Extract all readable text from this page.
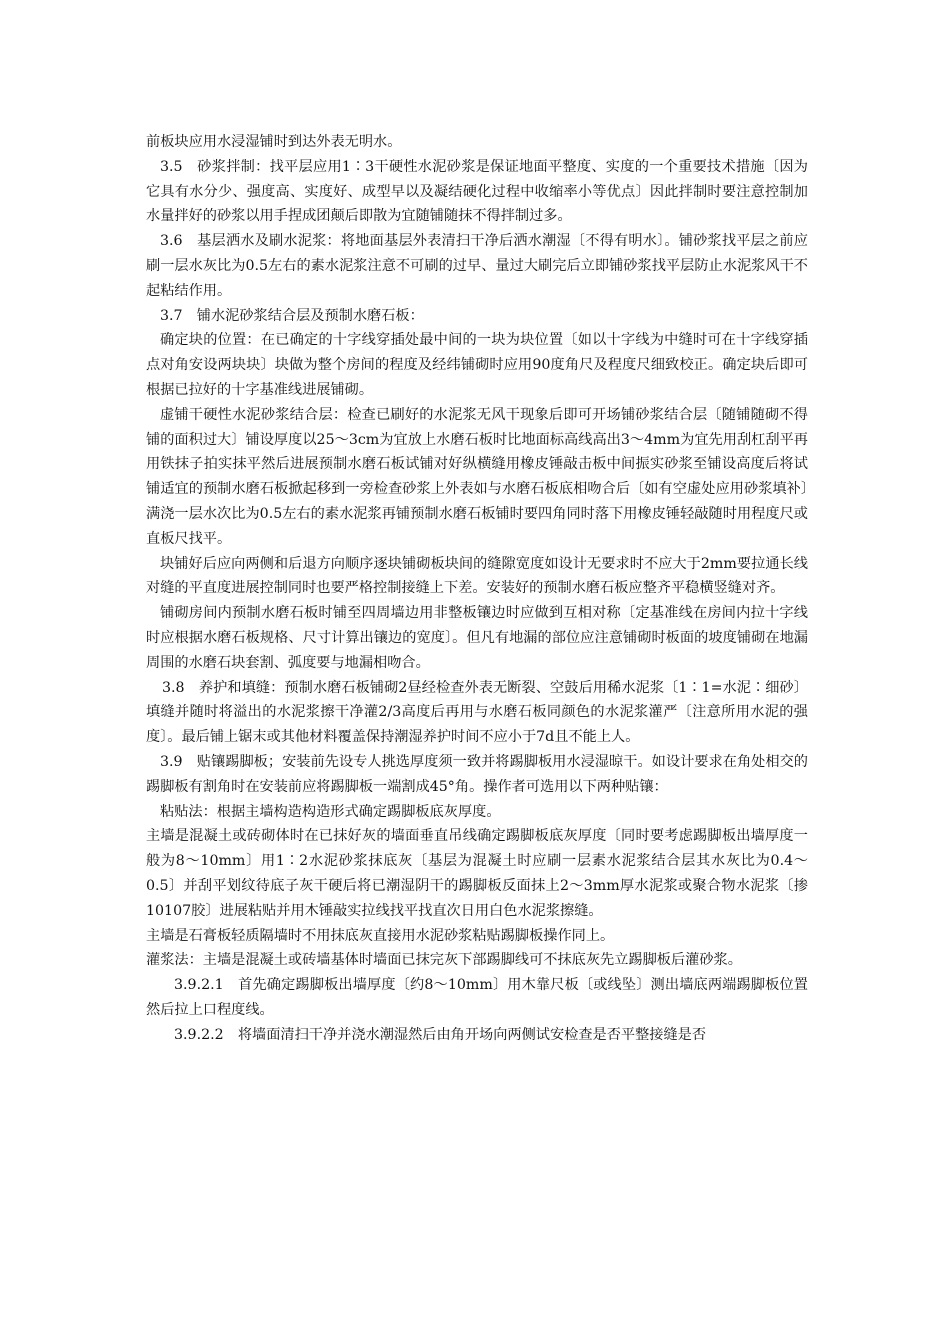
前板块应用水浸湿铺时到达外表无明水。

3.5　砂浆拌制：找平层应用1∶3干硬性水泥砂浆是保证地面平整度、实度的一个重要技术措施〔因为它具有水分少、强度高、实度好、成型早以及凝结硬化过程中收缩率小等优点〕因此拌制时要注意控制加水量拌好的砂浆以用手捏成团颠后即散为宜随铺随抹不得拌制过多。

3.6　基层洒水及刷水泥浆：将地面基层外表清扫干净后洒水潮湿〔不得有明水〕。铺砂浆找平层之前应刷一层水灰比为0.5左右的素水泥浆注意不可刷的过早、量过大刷完后立即铺砂浆找平层防止水泥浆风干不起粘结作用。

3.7　铺水泥砂浆结合层及预制水磨石板：

确定块的位置：在已确定的十字线穿插处最中间的一块为块位置〔如以十字线为中缝时可在十字线穿插点对角安设两块块〕块做为整个房间的程度及经纬铺砌时应用90度角尺及程度尺细致校正。确定块后即可根据已拉好的十字基准线进展铺砌。

虚铺干硬性水泥砂浆结合层：检查已刷好的水泥浆无风干现象后即可开场铺砂浆结合层〔随铺随砌不得铺的面积过大〕铺设厚度以25～3cm为宜放上水磨石板时比地面标高线高出3～4mm为宜先用刮杠刮平再用铁抹子拍实抹平然后进展预制水磨石板试铺对好纵横缝用橡皮锤敲击板中间振实砂浆至铺设高度后将试铺适宜的预制水磨石板掀起移到一旁检查砂浆上外表如与水磨石板底相吻合后〔如有空虚处应用砂浆填补〕满浇一层水次比为0.5左右的素水泥浆再铺预制水磨石板铺时要四角同时落下用橡皮锤轻敲随时用程度尺或直板尺找平。

块铺好后应向两侧和后退方向顺序逐块铺砌板块间的缝隙宽度如设计无要求时不应大于2mm要拉通长线对缝的平直度进展控制同时也要严格控制接缝上下差。安装好的预制水磨石板应整齐平稳横竖缝对齐。

铺砌房间内预制水磨石板时铺至四周墙边用非整板镶边时应做到互相对称〔定基准线在房间内拉十字线时应根据水磨石板规格、尺寸计算出镶边的宽度〕。但凡有地漏的部位应注意铺砌时板面的坡度铺砌在地漏周围的水磨石块套割、弧度要与地漏相吻合。

3.8　养护和填缝：预制水磨石板铺砌2昼经检查外表无断裂、空鼓后用稀水泥浆〔1∶1=水泥∶细砂〕填缝并随时将溢出的水泥浆擦干净灌2/3高度后再用与水磨石板同颜色的水泥浆灌严〔注意所用水泥的强度〕。最后铺上锯末或其他材料覆盖保持潮湿养护时间不应小于7d且不能上人。

3.9　贴镶踢脚板；安装前先设专人挑选厚度须一致并将踢脚板用水浸湿晾干。如设计要求在角处相交的踢脚板有割角时在安装前应将踢脚板一端割成45°角。操作者可选用以下两种贴镶：

粘贴法：根据主墙构造构造形式确定踢脚板底灰厚度。

主墙是混凝土或砖砌体时在已抹好灰的墙面垂直吊线确定踢脚板底灰厚度〔同时要考虑踢脚板出墙厚度一般为8～10mm〕用1∶2水泥砂浆抹底灰〔基层为混凝土时应刷一层素水泥浆结合层其水灰比为0.4～0.5〕并刮平划纹待底子灰干硬后将已潮湿阴干的踢脚板反面抹上2～3mm厚水泥浆或聚合物水泥浆〔掺10107胶〕进展粘贴并用木锤敲实拉线找平找直次日用白色水泥浆擦缝。

主墙是石膏板轻质隔墙时不用抹底灰直接用水泥砂浆粘贴踢脚板操作同上。

灌浆法：主墙是混凝土或砖墙基体时墙面已抹完灰下部踢脚线可不抹底灰先立踢脚板后灌砂浆。

3.9.2.1　首先确定踢脚板出墙厚度〔约8～10mm〕用木靠尺板〔或线坠〕测出墙底两端踢脚板位置然后拉上口程度线。

3.9.2.2　将墙面清扫干净并浇水潮湿然后由角开场向两侧试安检查是否平整接缝是否
